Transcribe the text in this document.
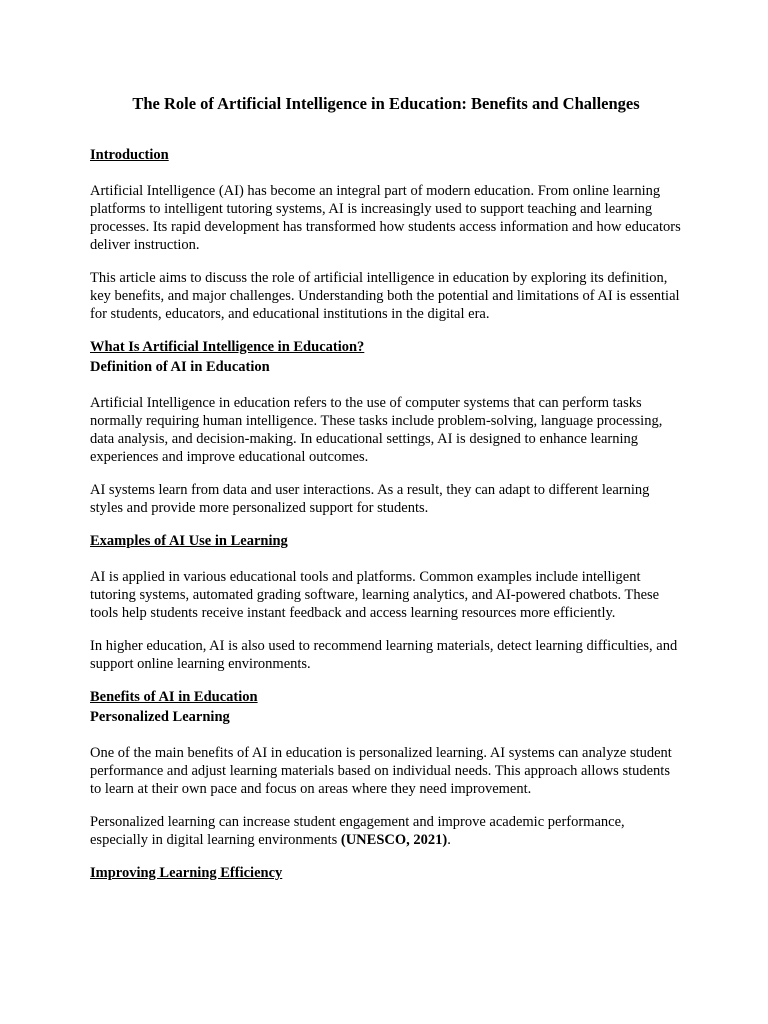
The Role of Artificial Intelligence in Education: Benefits and Challenges
Introduction

Artificial Intelligence (AI) has become an integral part of modern education. From online learning platforms to intelligent tutoring systems, AI is increasingly used to support teaching and learning processes. Its rapid development has transformed how students access information and how educators deliver instruction.

This article aims to discuss the role of artificial intelligence in education by exploring its definition, key benefits, and major challenges. Understanding both the potential and limitations of AI is essential for students, educators, and educational institutions in the digital era.

What Is Artificial Intelligence in Education?
Definition of AI in Education

Artificial Intelligence in education refers to the use of computer systems that can perform tasks normally requiring human intelligence. These tasks include problem-solving, language processing, data analysis, and decision-making. In educational settings, AI is designed to enhance learning experiences and improve educational outcomes.

AI systems learn from data and user interactions. As a result, they can adapt to different learning styles and provide more personalized support for students.

Examples of AI Use in Learning

AI is applied in various educational tools and platforms. Common examples include intelligent tutoring systems, automated grading software, learning analytics, and AI-powered chatbots. These tools help students receive instant feedback and access learning resources more efficiently.

In higher education, AI is also used to recommend learning materials, detect learning difficulties, and support online learning environments.

Benefits of AI in Education
Personalized Learning

One of the main benefits of AI in education is personalized learning. AI systems can analyze student performance and adjust learning materials based on individual needs. This approach allows students to learn at their own pace and focus on areas where they need improvement.

Personalized learning can increase student engagement and improve academic performance, especially in digital learning environments (UNESCO, 2021).

Improving Learning Efficiency
